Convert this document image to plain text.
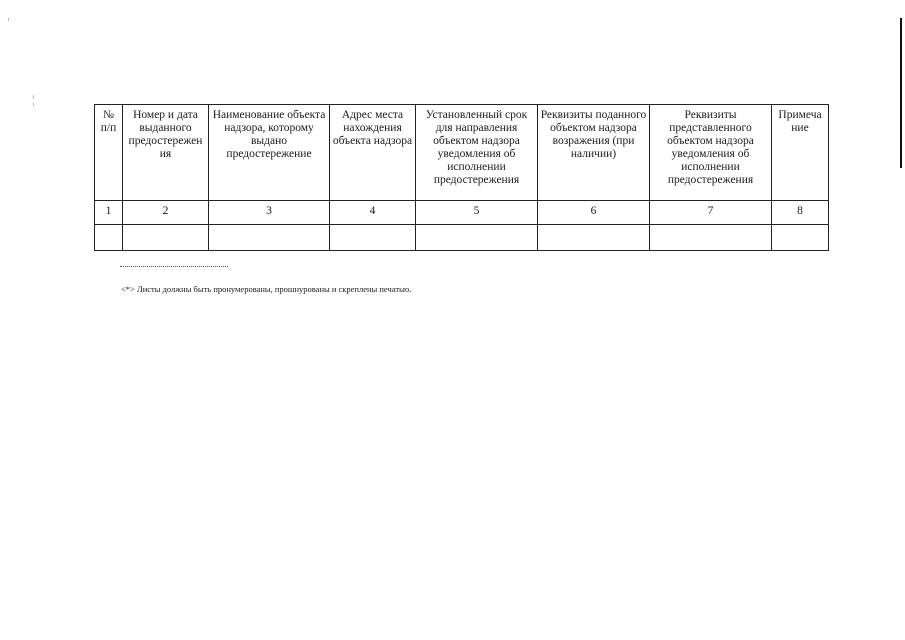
№ п/п	Номер и дата выданного предостережен ия	Наименование объекта надзора, которому выдано предостережение	Адрес места нахождения объекта надзора	Установленный срок для направления объектом надзора уведомления об исполнении предостережения	Реквизиты поданного объектом надзора возражения (при наличии)	Реквизиты представленного объектом надзора уведомления об исполнении предостережения	Примеча ние
1	2	3	4	5	6	7	8

<*> Листы должны быть пронумерованы, прошнурованы и скреплены печатью.
